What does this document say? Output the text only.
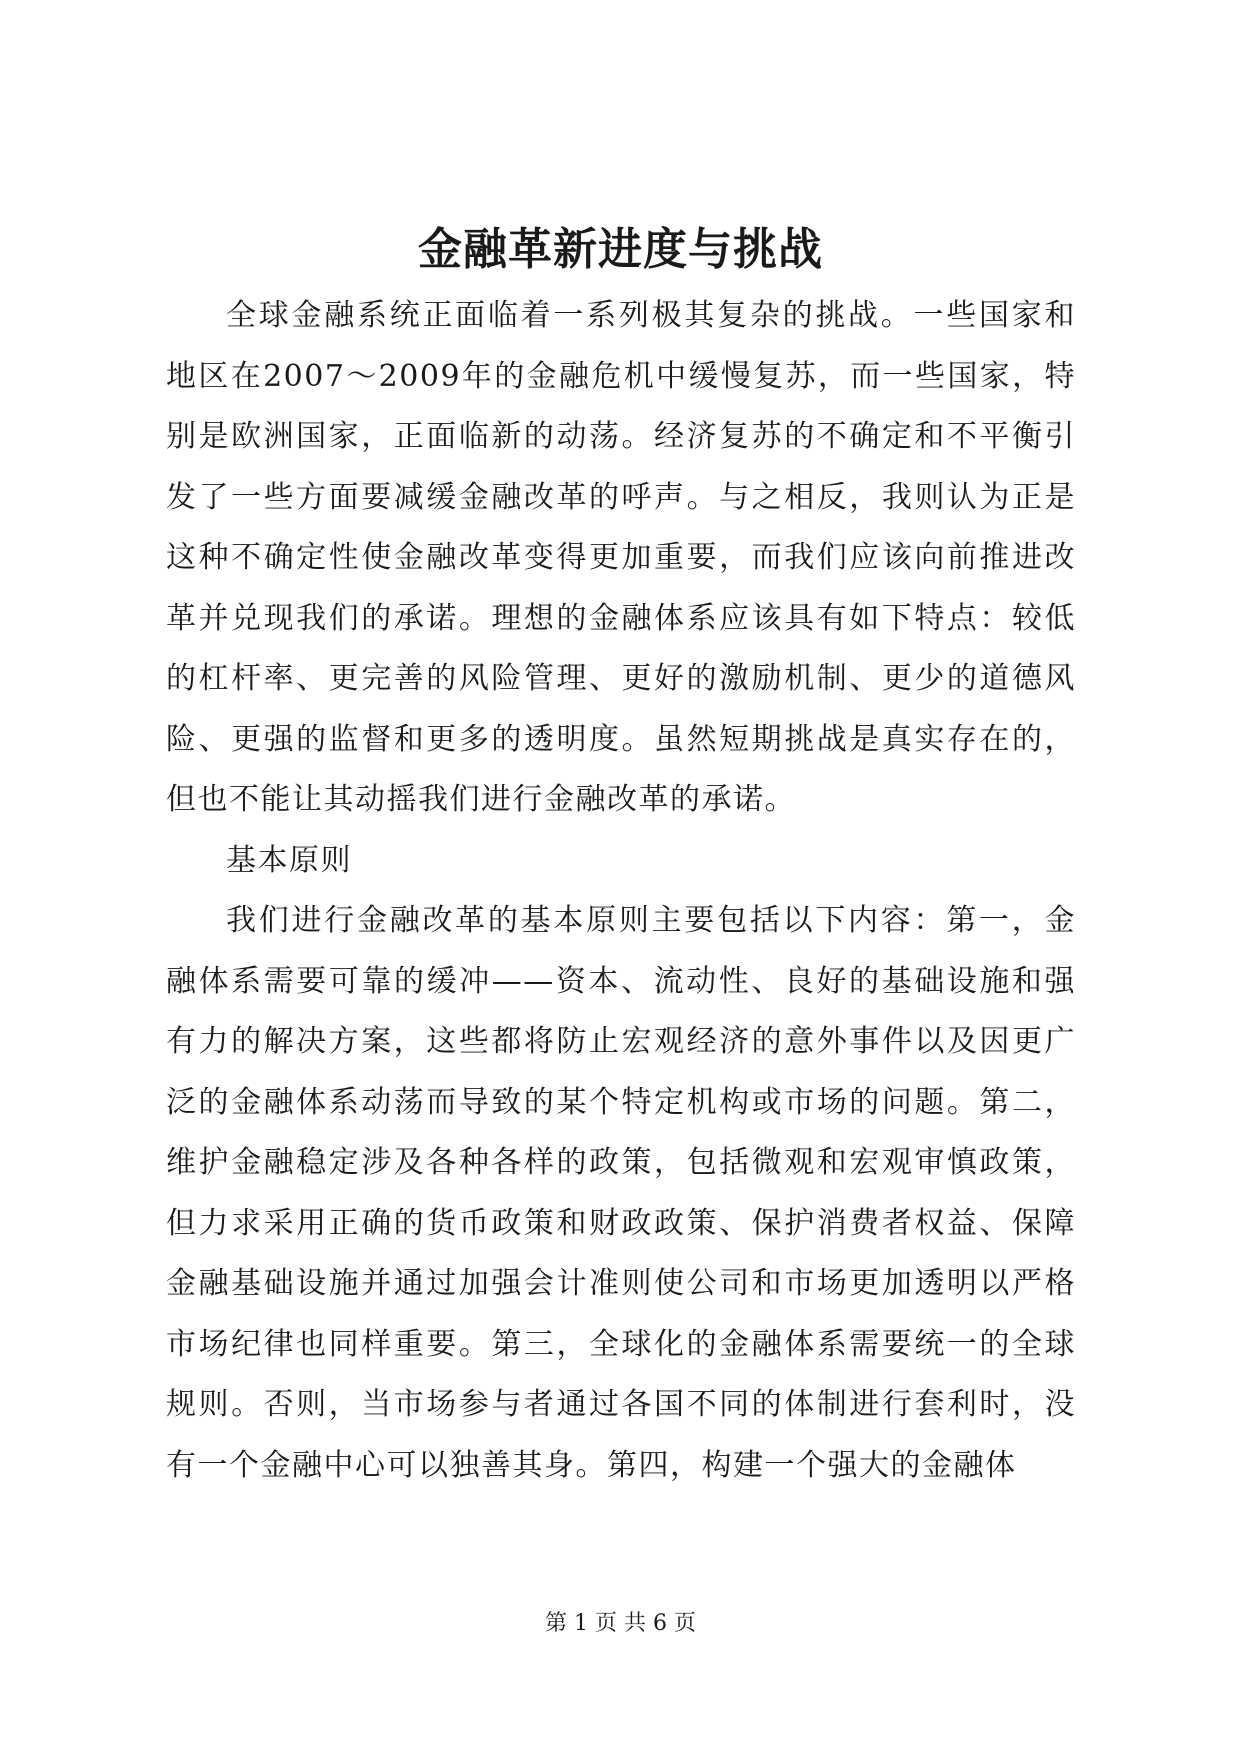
金融革新进度与挑战

全球金融系统正面临着一系列极其复杂的挑战。一些国家和地区在2007～2009年的金融危机中缓慢复苏，而一些国家，特别是欧洲国家，正面临新的动荡。经济复苏的不确定和不平衡引发了一些方面要减缓金融改革的呼声。与之相反，我则认为正是这种不确定性使金融改革变得更加重要，而我们应该向前推进改革并兑现我们的承诺。理想的金融体系应该具有如下特点：较低的杠杆率、更完善的风险管理、更好的激励机制、更少的道德风险、更强的监督和更多的透明度。虽然短期挑战是真实存在的，但也不能让其动摇我们进行金融改革的承诺。

基本原则

我们进行金融改革的基本原则主要包括以下内容：第一，金融体系需要可靠的缓冲——资本、流动性、良好的基础设施和强有力的解决方案，这些都将防止宏观经济的意外事件以及因更广泛的金融体系动荡而导致的某个特定机构或市场的问题。第二，维护金融稳定涉及各种各样的政策，包括微观和宏观审慎政策，但力求采用正确的货币政策和财政政策、保护消费者权益、保障金融基础设施并通过加强会计准则使公司和市场更加透明以严格市场纪律也同样重要。第三，全球化的金融体系需要统一的全球规则。否则，当市场参与者通过各国不同的体制进行套利时，没有一个金融中心可以独善其身。第四，构建一个强大的金融体

第 1 页 共 6 页
